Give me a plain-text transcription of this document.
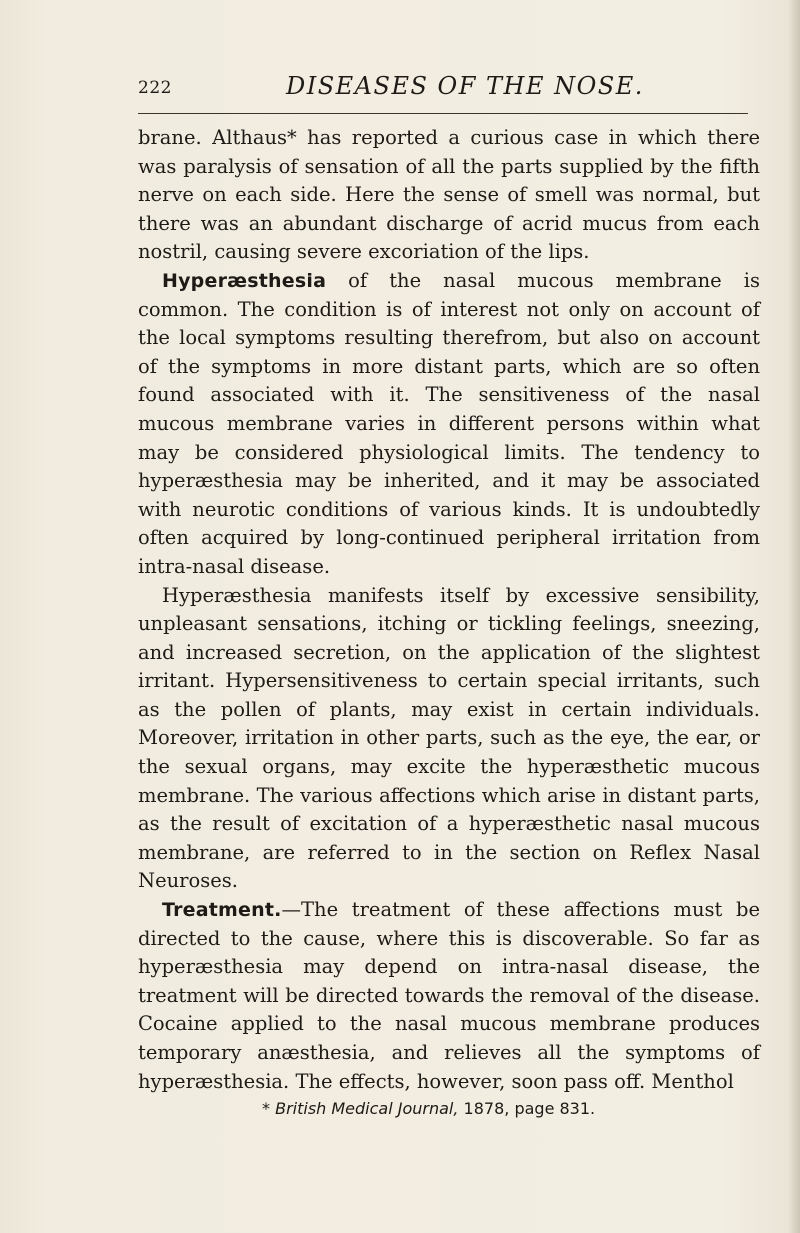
222	DISEASES OF THE NOSE.

brane. Althaus* has reported a curious case in which there was paralysis of sensation of all the parts supplied by the fifth nerve on each side. Here the sense of smell was normal, but there was an abundant discharge of acrid mucus from each nostril, causing severe excoriation of the lips.

Hyperæsthesia of the nasal mucous membrane is common. The condition is of interest not only on account of the local symptoms resulting therefrom, but also on account of the symptoms in more distant parts, which are so often found associated with it. The sensitiveness of the nasal mucous membrane varies in different persons within what may be considered physiological limits. The tendency to hyperæsthesia may be inherited, and it may be associated with neurotic conditions of various kinds. It is undoubtedly often acquired by long-continued peripheral irritation from intra-nasal disease.

Hyperæsthesia manifests itself by excessive sensibility, unpleasant sensations, itching or tickling feelings, sneezing, and increased secretion, on the application of the slightest irritant. Hypersensitiveness to certain special irritants, such as the pollen of plants, may exist in certain individuals. Moreover, irritation in other parts, such as the eye, the ear, or the sexual organs, may excite the hyperæsthetic mucous membrane. The various affections which arise in distant parts, as the result of excitation of a hyperæsthetic nasal mucous membrane, are referred to in the section on Reflex Nasal Neuroses.

Treatment.—The treatment of these affections must be directed to the cause, where this is discoverable. So far as hyperæsthesia may depend on intra-nasal disease, the treatment will be directed towards the removal of the disease. Cocaine applied to the nasal mucous membrane produces temporary anæsthesia, and relieves all the symptoms of hyperæsthesia. The effects, however, soon pass off. Menthol

* British Medical Journal, 1878, page 831.
